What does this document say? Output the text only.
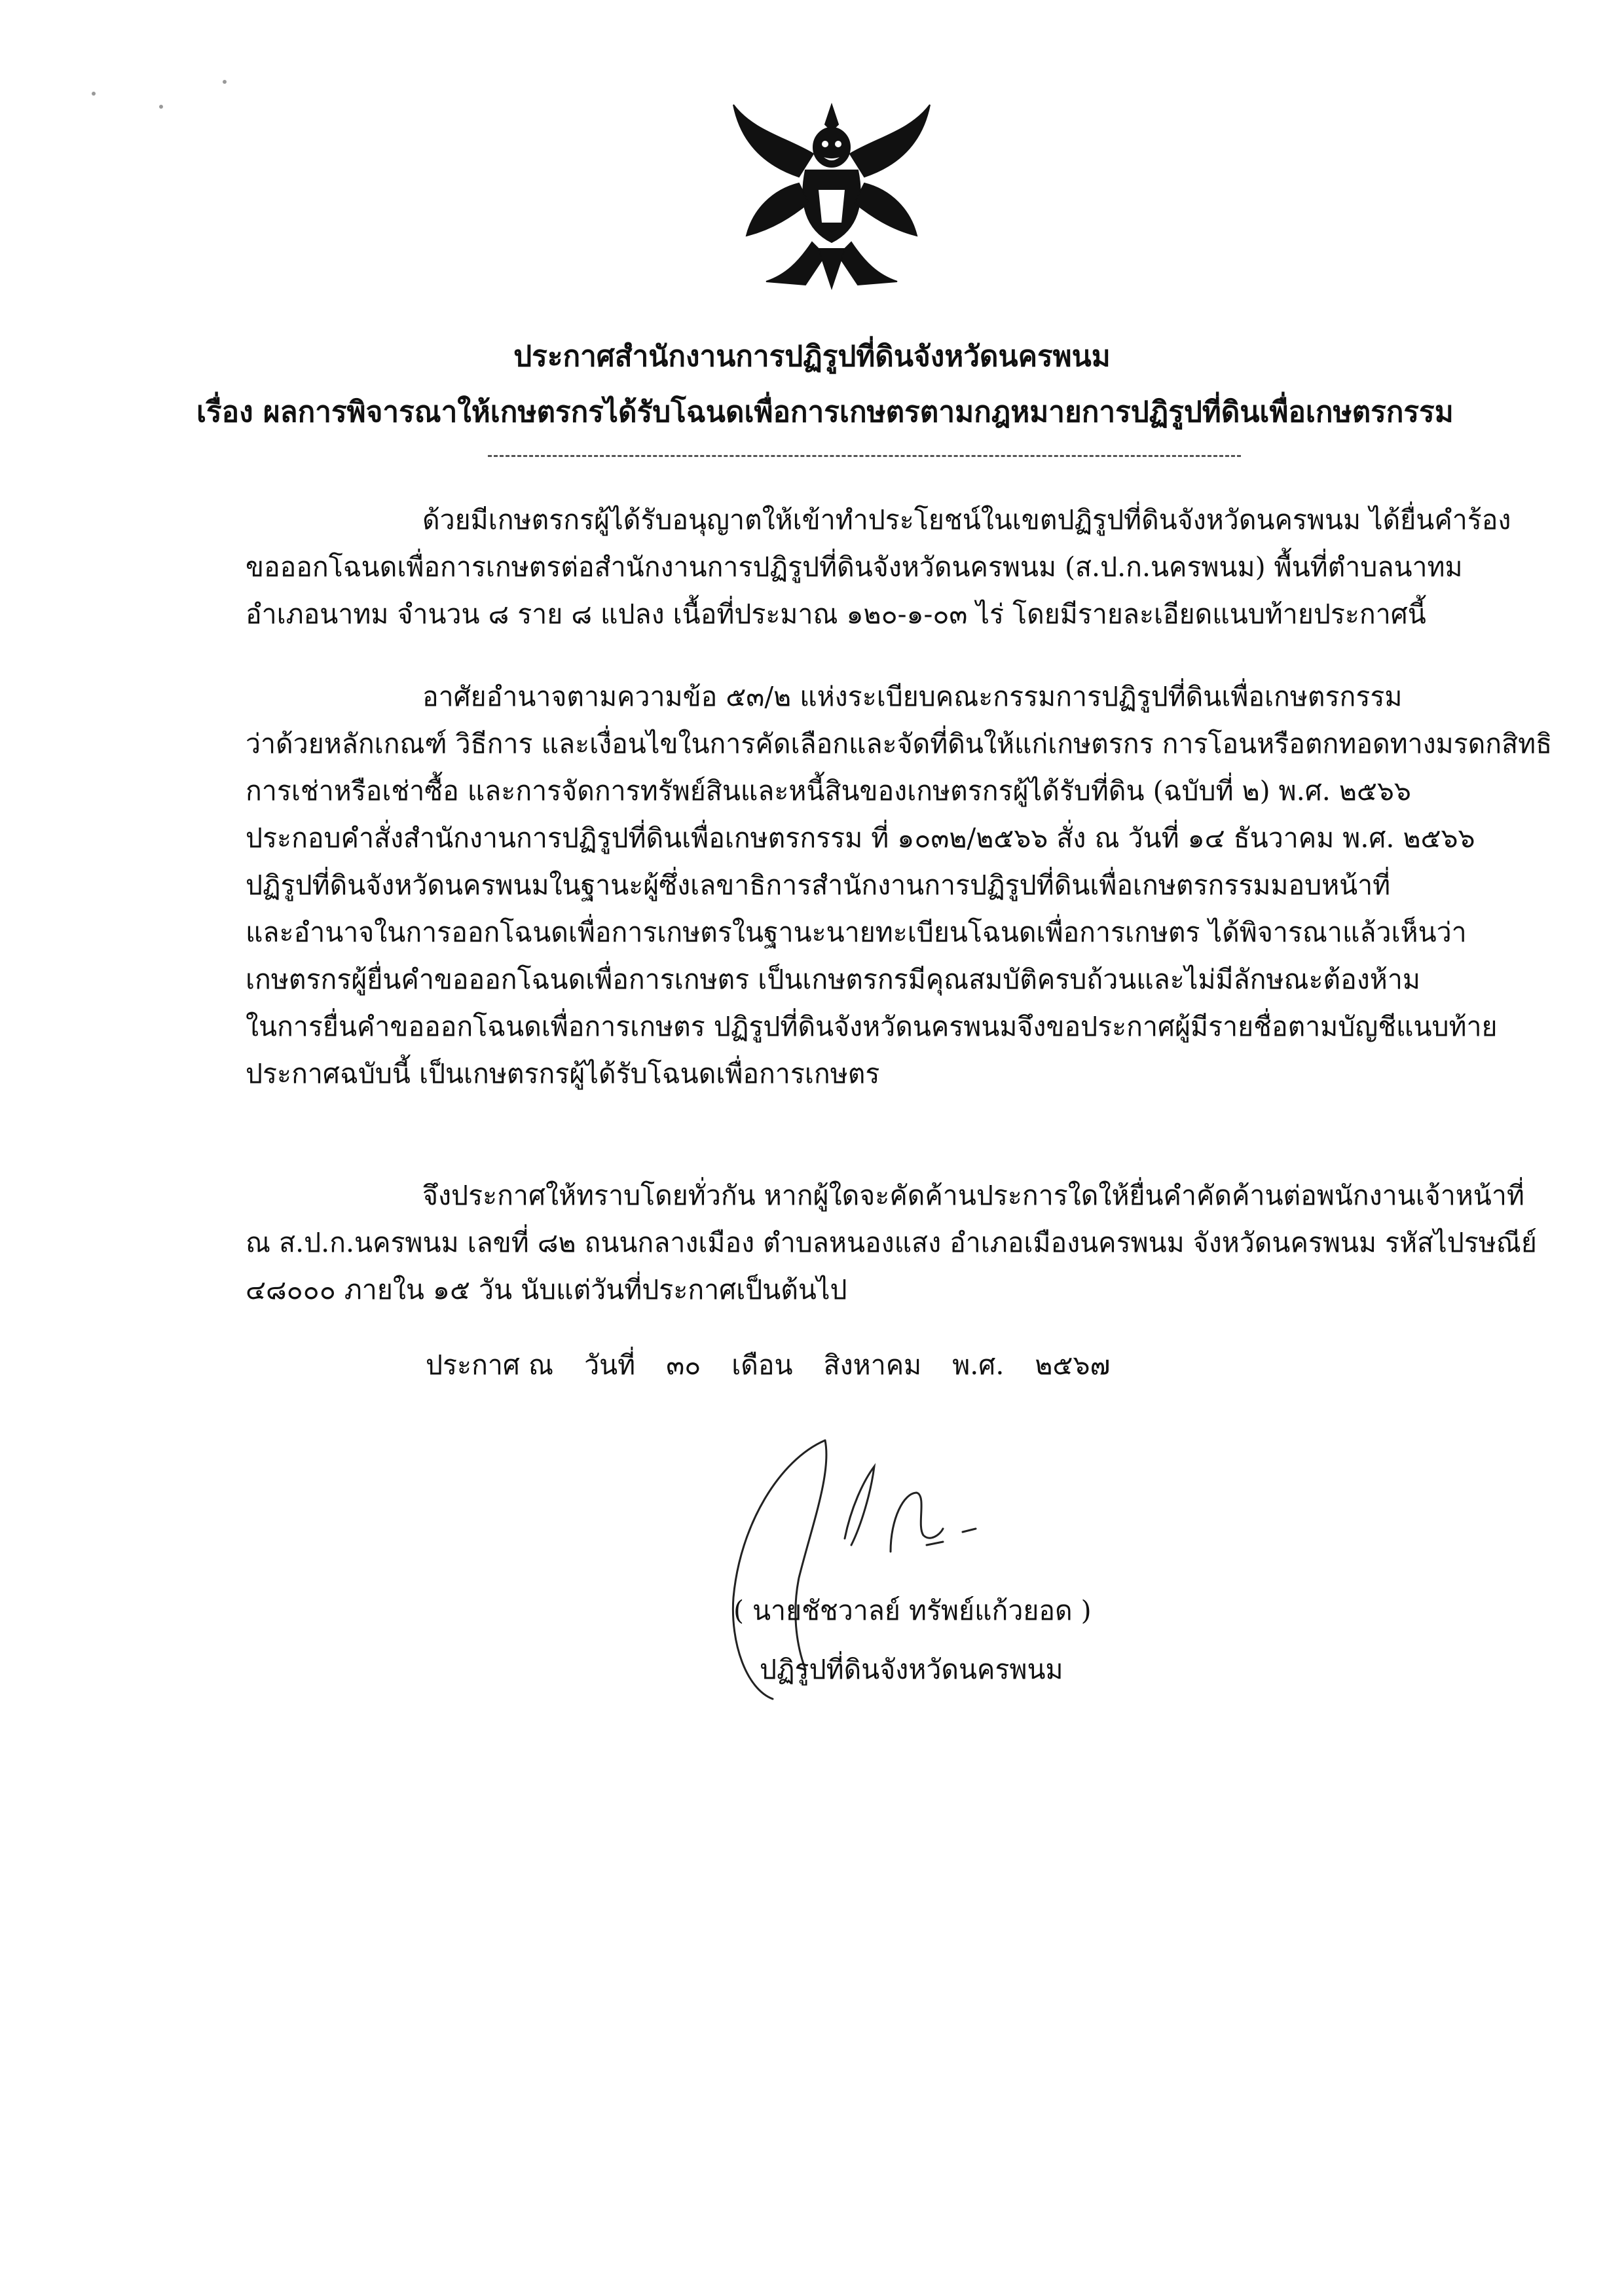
ประกาศสำนักงานการปฏิรูปที่ดินจังหวัดนครพนม
เรื่อง ผลการพิจารณาให้เกษตรกรได้รับโฉนดเพื่อการเกษตรตามกฎหมายการปฏิรูปที่ดินเพื่อเกษตรกรรม
ด้วยมีเกษตรกรผู้ได้รับอนุญาตให้เข้าทำประโยชน์ในเขตปฏิรูปที่ดินจังหวัดนครพนม ได้ยื่นคำร้อง
ขอออกโฉนดเพื่อการเกษตรต่อสำนักงานการปฏิรูปที่ดินจังหวัดนครพนม (ส.ป.ก.นครพนม) พื้นที่ตำบลนาทม
อำเภอนาทม จำนวน ๘ ราย ๘ แปลง เนื้อที่ประมาณ ๑๒๐-๑-๐๓ ไร่ โดยมีรายละเอียดแนบท้ายประกาศนี้
อาศัยอำนาจตามความข้อ ๕๓/๒ แห่งระเบียบคณะกรรมการปฏิรูปที่ดินเพื่อเกษตรกรรม
ว่าด้วยหลักเกณฑ์ วิธีการ และเงื่อนไขในการคัดเลือกและจัดที่ดินให้แก่เกษตรกร การโอนหรือตกทอดทางมรดกสิทธิ
การเช่าหรือเช่าซื้อ และการจัดการทรัพย์สินและหนี้สินของเกษตรกรผู้ได้รับที่ดิน (ฉบับที่ ๒) พ.ศ. ๒๕๖๖
ประกอบคำสั่งสำนักงานการปฏิรูปที่ดินเพื่อเกษตรกรรม ที่ ๑๐๓๒/๒๕๖๖ สั่ง ณ วันที่ ๑๔ ธันวาคม พ.ศ. ๒๕๖๖
ปฏิรูปที่ดินจังหวัดนครพนมในฐานะผู้ซึ่งเลขาธิการสำนักงานการปฏิรูปที่ดินเพื่อเกษตรกรรมมอบหน้าที่
และอำนาจในการออกโฉนดเพื่อการเกษตรในฐานะนายทะเบียนโฉนดเพื่อการเกษตร ได้พิจารณาแล้วเห็นว่า
เกษตรกรผู้ยื่นคำขอออกโฉนดเพื่อการเกษตร เป็นเกษตรกรมีคุณสมบัติครบถ้วนและไม่มีลักษณะต้องห้าม
ในการยื่นคำขอออกโฉนดเพื่อการเกษตร ปฏิรูปที่ดินจังหวัดนครพนมจึงขอประกาศผู้มีรายชื่อตามบัญชีแนบท้าย
ประกาศฉบับนี้ เป็นเกษตรกรผู้ได้รับโฉนดเพื่อการเกษตร
จึงประกาศให้ทราบโดยทั่วกัน หากผู้ใดจะคัดค้านประการใดให้ยื่นคำคัดค้านต่อพนักงานเจ้าหน้าที่
ณ ส.ป.ก.นครพนม เลขที่ ๘๒ ถนนกลางเมือง ตำบลหนองแสง อำเภอเมืองนครพนม จังหวัดนครพนม รหัสไปรษณีย์
๔๘๐๐๐ ภายใน ๑๕ วัน นับแต่วันที่ประกาศเป็นต้นไป
ประกาศ ณ วันที่ ๓๐ เดือน สิงหาคม พ.ศ. ๒๕๖๗
( นายชัชวาลย์ ทรัพย์แก้วยอด )
ปฏิรูปที่ดินจังหวัดนครพนม
